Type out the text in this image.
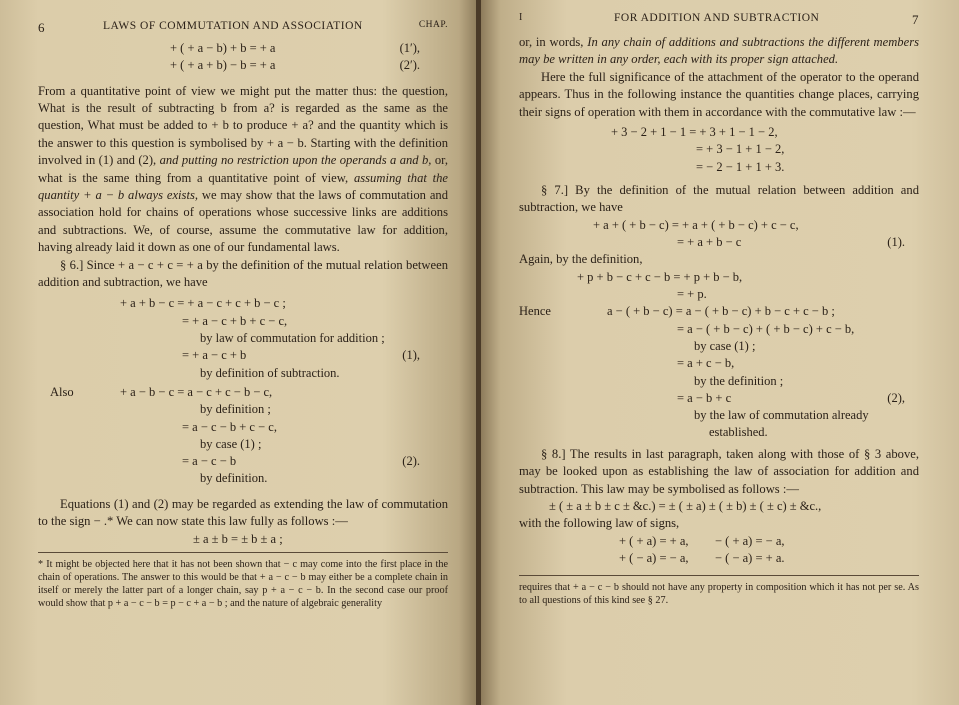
6	LAWS OF COMMUTATION AND ASSOCIATION	CHAP.
+ ( + a − b) + b = + a	(1′),
+ ( + a + b) − b = + a	(2′).

From a quantitative point of view we might put the matter thus: the question, What is the result of subtracting b from a? is regarded as the same as the question, What must be added to + b to produce + a? and the quantity which is the answer to this question is symbolised by + a − b. Starting with the definition involved in (1) and (2), and putting no restriction upon the operands a and b, or, what is the same thing from a quantitative point of view, assuming that the quantity + a − b always exists, we may show that the laws of commutation and association hold for chains of operations whose successive links are additions and subtractions. We, of course, assume the commutative law for addition, having already laid it down as one of our fundamental laws.

§ 6.] Since + a − c + c = + a by the definition of the mutual relation between addition and subtraction, we have

+ a + b − c = + a − c + c + b − c ;
= + a − c + b + c − c,
by law of commutation for addition ;
= + a − c + b	(1),
by definition of subtraction.
Also	+ a − b − c = a − c + c − b − c,
by definition ;
= a − c − b + c − c,
by case (1) ;
= a − c − b	(2).
by definition.

Equations (1) and (2) may be regarded as extending the law of commutation to the sign − .* We can now state this law fully as follows :—

± a ± b = ± b ± a ;

* It might be objected here that it has not been shown that − c may come into the first place in the chain of operations. The answer to this would be that + a − c − b may either be a complete chain in itself or merely the latter part of a longer chain, say p + a − c − b. In the second case our proof would show that p + a − c − b = p − c + a − b ; and the nature of algebraic generality

I	FOR ADDITION AND SUBTRACTION	7

or, in words, In any chain of additions and subtractions the different members may be written in any order, each with its proper sign attached.

Here the full significance of the attachment of the operator to the operand appears. Thus in the following instance the quantities change places, carrying their signs of operation with them in accordance with the commutative law :—

+ 3 − 2 + 1 − 1 = + 3 + 1 − 1 − 2,
= + 3 − 1 + 1 − 2,
= − 2 − 1 + 1 + 3.

§ 7.] By the definition of the mutual relation between addition and subtraction, we have

+ a + ( + b − c) = + a + ( + b − c) + c − c,
= + a + b − c	(1).

Again, by the definition,

+ p + b − c + c − b = + p + b − b,
= + p.
Hence	a − ( + b − c) = a − ( + b − c) + b − c + c − b ;
= a − ( + b − c) + ( + b − c) + c − b,
by case (1) ;
= a + c − b,
by the definition ;
= a − b + c	(2),
by the law of commutation already
established.

§ 8.] The results in last paragraph, taken along with those of § 3 above, may be looked upon as establishing the law of association for addition and subtraction. This law may be symbolised as follows :—

± ( ± a ± b ± c ± &c.) = ± ( ± a) ± ( ± b) ± ( ± c) ± &c.,

with the following law of signs,

+ ( + a) = + a, − ( + a) = − a,
+ ( − a) = − a, − ( − a) = + a.

requires that + a − c − b should not have any property in composition which it has not per se. As to all questions of this kind see § 27.
